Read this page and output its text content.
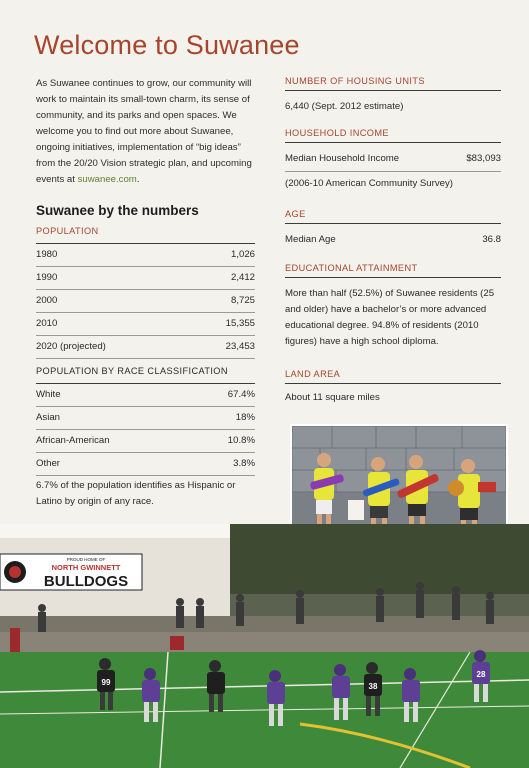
Welcome to Suwanee
As Suwanee continues to grow, our community will work to maintain its small-town charm, its sense of community, and its parks and open spaces. We welcome you to find out more about Suwanee, ongoing initiatives, implementation of “big ideas” from the 20/20 Vision strategic plan, and upcoming events at suwanee.com.
Suwanee by the numbers
POPULATION
1980	1,026
1990	2,412
2000	8,725
2010	15,355
2020 (projected)	23,453
POPULATION BY RACE CLASSIFICATION
White	67.4%
Asian	18%
African-American	10.8%
Other	3.8%
6.7% of the population identifies as Hispanic or Latino by origin of any race.
NUMBER OF HOUSING UNITS
6,440 (Sept. 2012 estimate)
HOUSEHOLD INCOME
Median Household Income	$83,093
(2006-10 American Community Survey)
AGE
Median Age	36.8
EDUCATIONAL ATTAINMENT
More than half (52.5%) of Suwanee residents (25 and older) have a bachelor’s or more advanced educational degree. 94.8% of residents (2010 figures) have a high school diploma.
LAND AREA
About 11 square miles
PROUD HOME OF
NORTH GWINNETT
BULLDOGS
99	38
28
